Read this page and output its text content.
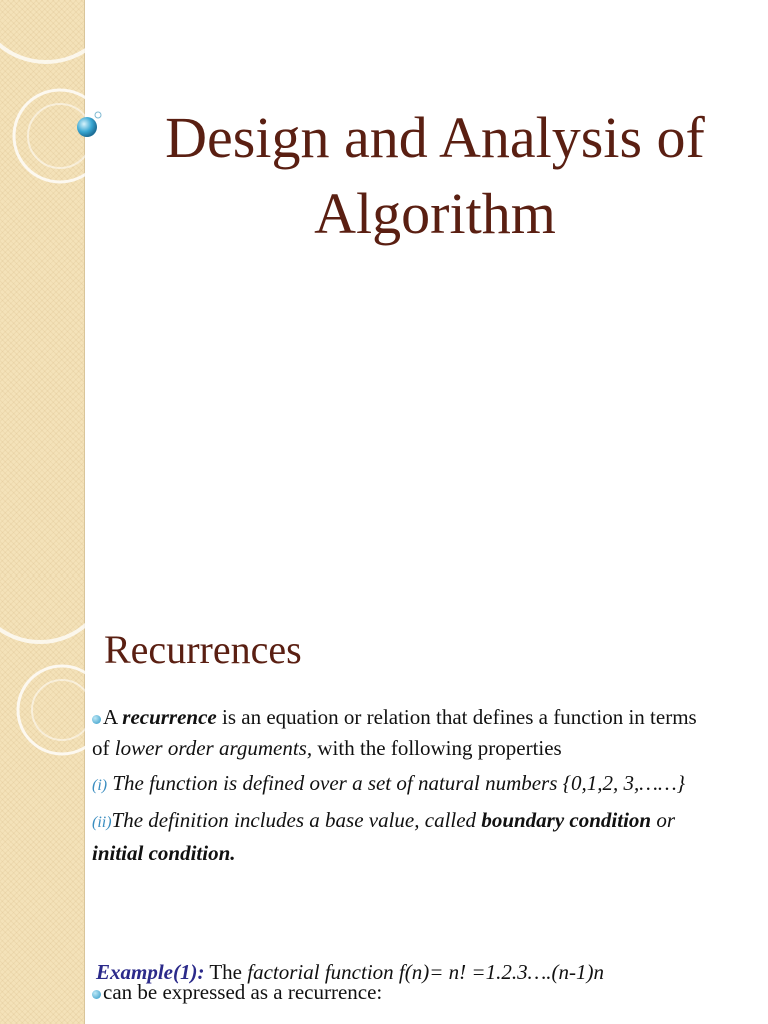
Design and Analysis of
Algorithm
Recurrences
A recurrence is an equation or relation that defines a function in terms of lower order arguments, with the following properties
(i) The function is defined over a set of natural numbers {0,1,2, 3,……}
(ii)The definition includes a base value, called boundary condition or initial condition.
Example(1): The factorial function f(n)= n! =1.2.3….(n-1)n
can be expressed as a recurrence:
